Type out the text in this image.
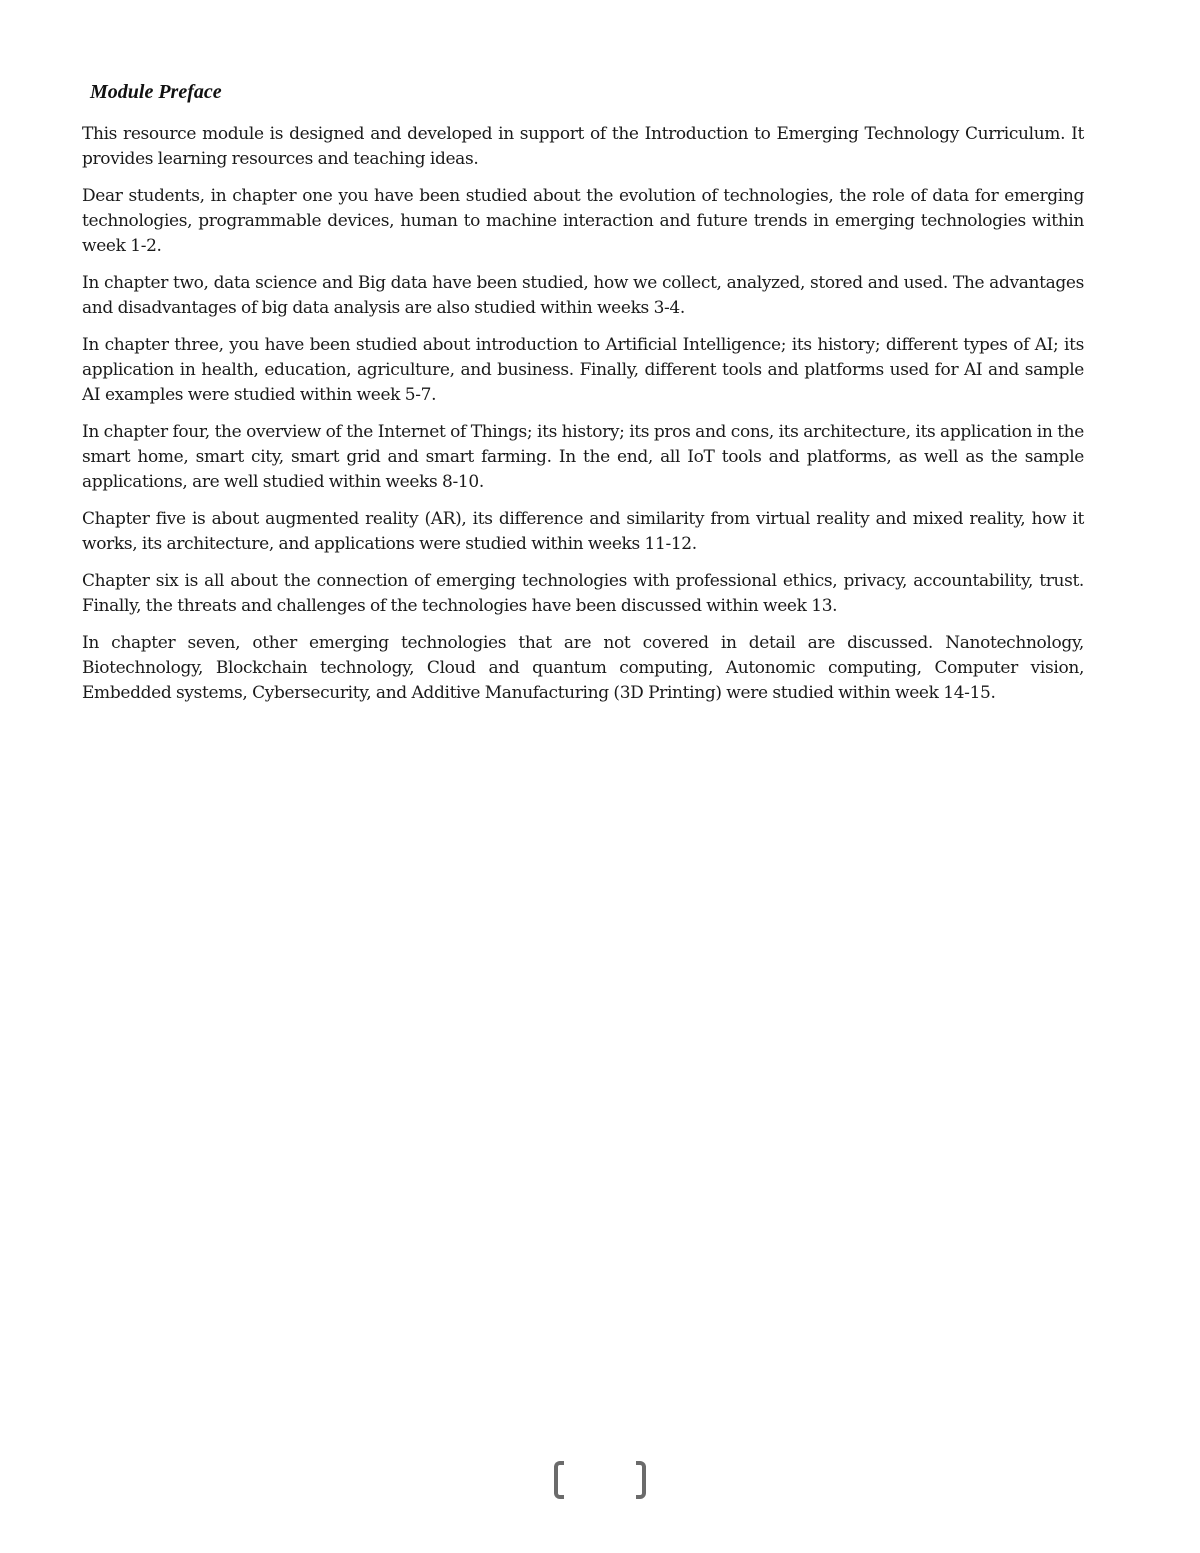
Module Preface

This resource module is designed and developed in support of the Introduction to Emerging Technology Curriculum. It provides learning resources and teaching ideas.

Dear students, in chapter one you have been studied about the evolution of technologies, the role of data for emerging technologies, programmable devices, human to machine interaction and future trends in emerging technologies within week 1-2.

In chapter two, data science and Big data have been studied, how we collect, analyzed, stored and used. The advantages and disadvantages of big data analysis are also studied within weeks 3-4.

In chapter three, you have been studied about introduction to Artificial Intelligence; its history; different types of AI; its application in health, education, agriculture, and business. Finally, different tools and platforms used for AI and sample AI examples were studied within week 5-7.

In chapter four, the overview of the Internet of Things; its history; its pros and cons, its architecture, its application in the smart home, smart city, smart grid and smart farming. In the end, all IoT tools and platforms, as well as the sample applications, are well studied within weeks 8-10.

Chapter five is about augmented reality (AR), its difference and similarity from virtual reality and mixed reality, how it works, its architecture, and applications were studied within weeks 11-12.

Chapter six is all about the connection of emerging technologies with professional ethics, privacy, accountability, trust. Finally, the threats and challenges of the technologies have been discussed within week 13.

In chapter seven, other emerging technologies that are not covered in detail are discussed. Nanotechnology, Biotechnology, Blockchain technology, Cloud and quantum computing, Autonomic computing, Computer vision, Embedded systems, Cybersecurity, and Additive Manufacturing (3D Printing) were studied within week 14-15.
